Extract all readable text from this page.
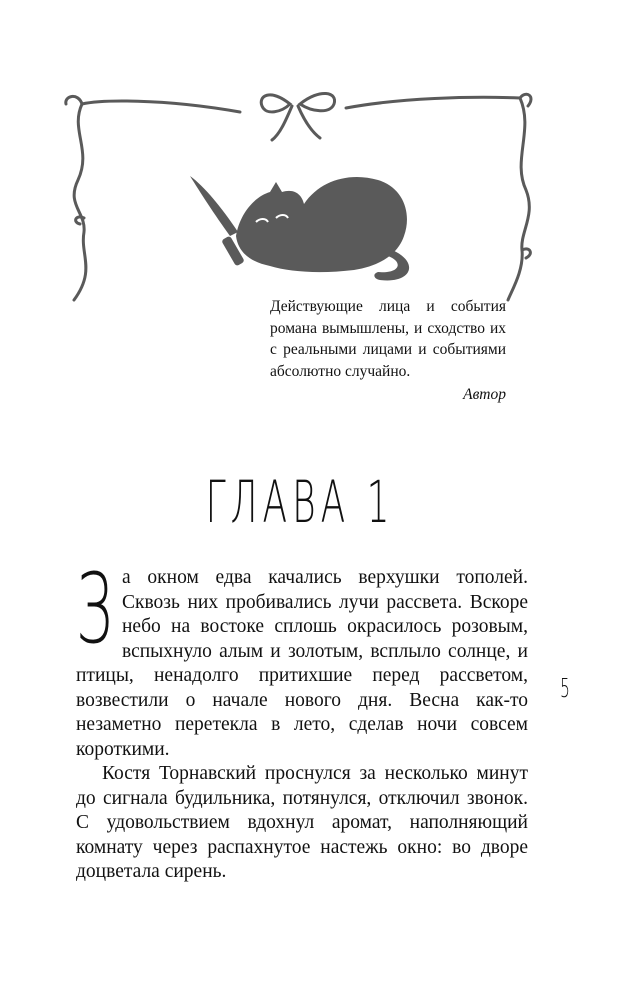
Действующие лица и события романа вымышлены, и сходство их с реальными лицами и событиями абсолютно случайно.

Автор
ГЛАВА 1
З а окном едва качались верхушки тополей. Сквозь них пробивались лучи рассвета. Вскоре небо на востоке сплошь окрасилось розовым, вспыхнуло алым и золотым, всплыло солнце, и птицы, ненадолго притихшие перед рассветом, возвестили о начале нового дня. Весна как-то незаметно перетекла в лето, сделав ночи совсем короткими.

Костя Торнавский проснулся за несколько минут до сигнала будильника, потянулся, отключил звонок. С удовольствием вдохнул аромат, наполняющий комнату через распахнутое настежь окно: во дворе доцветала сирень.

5
